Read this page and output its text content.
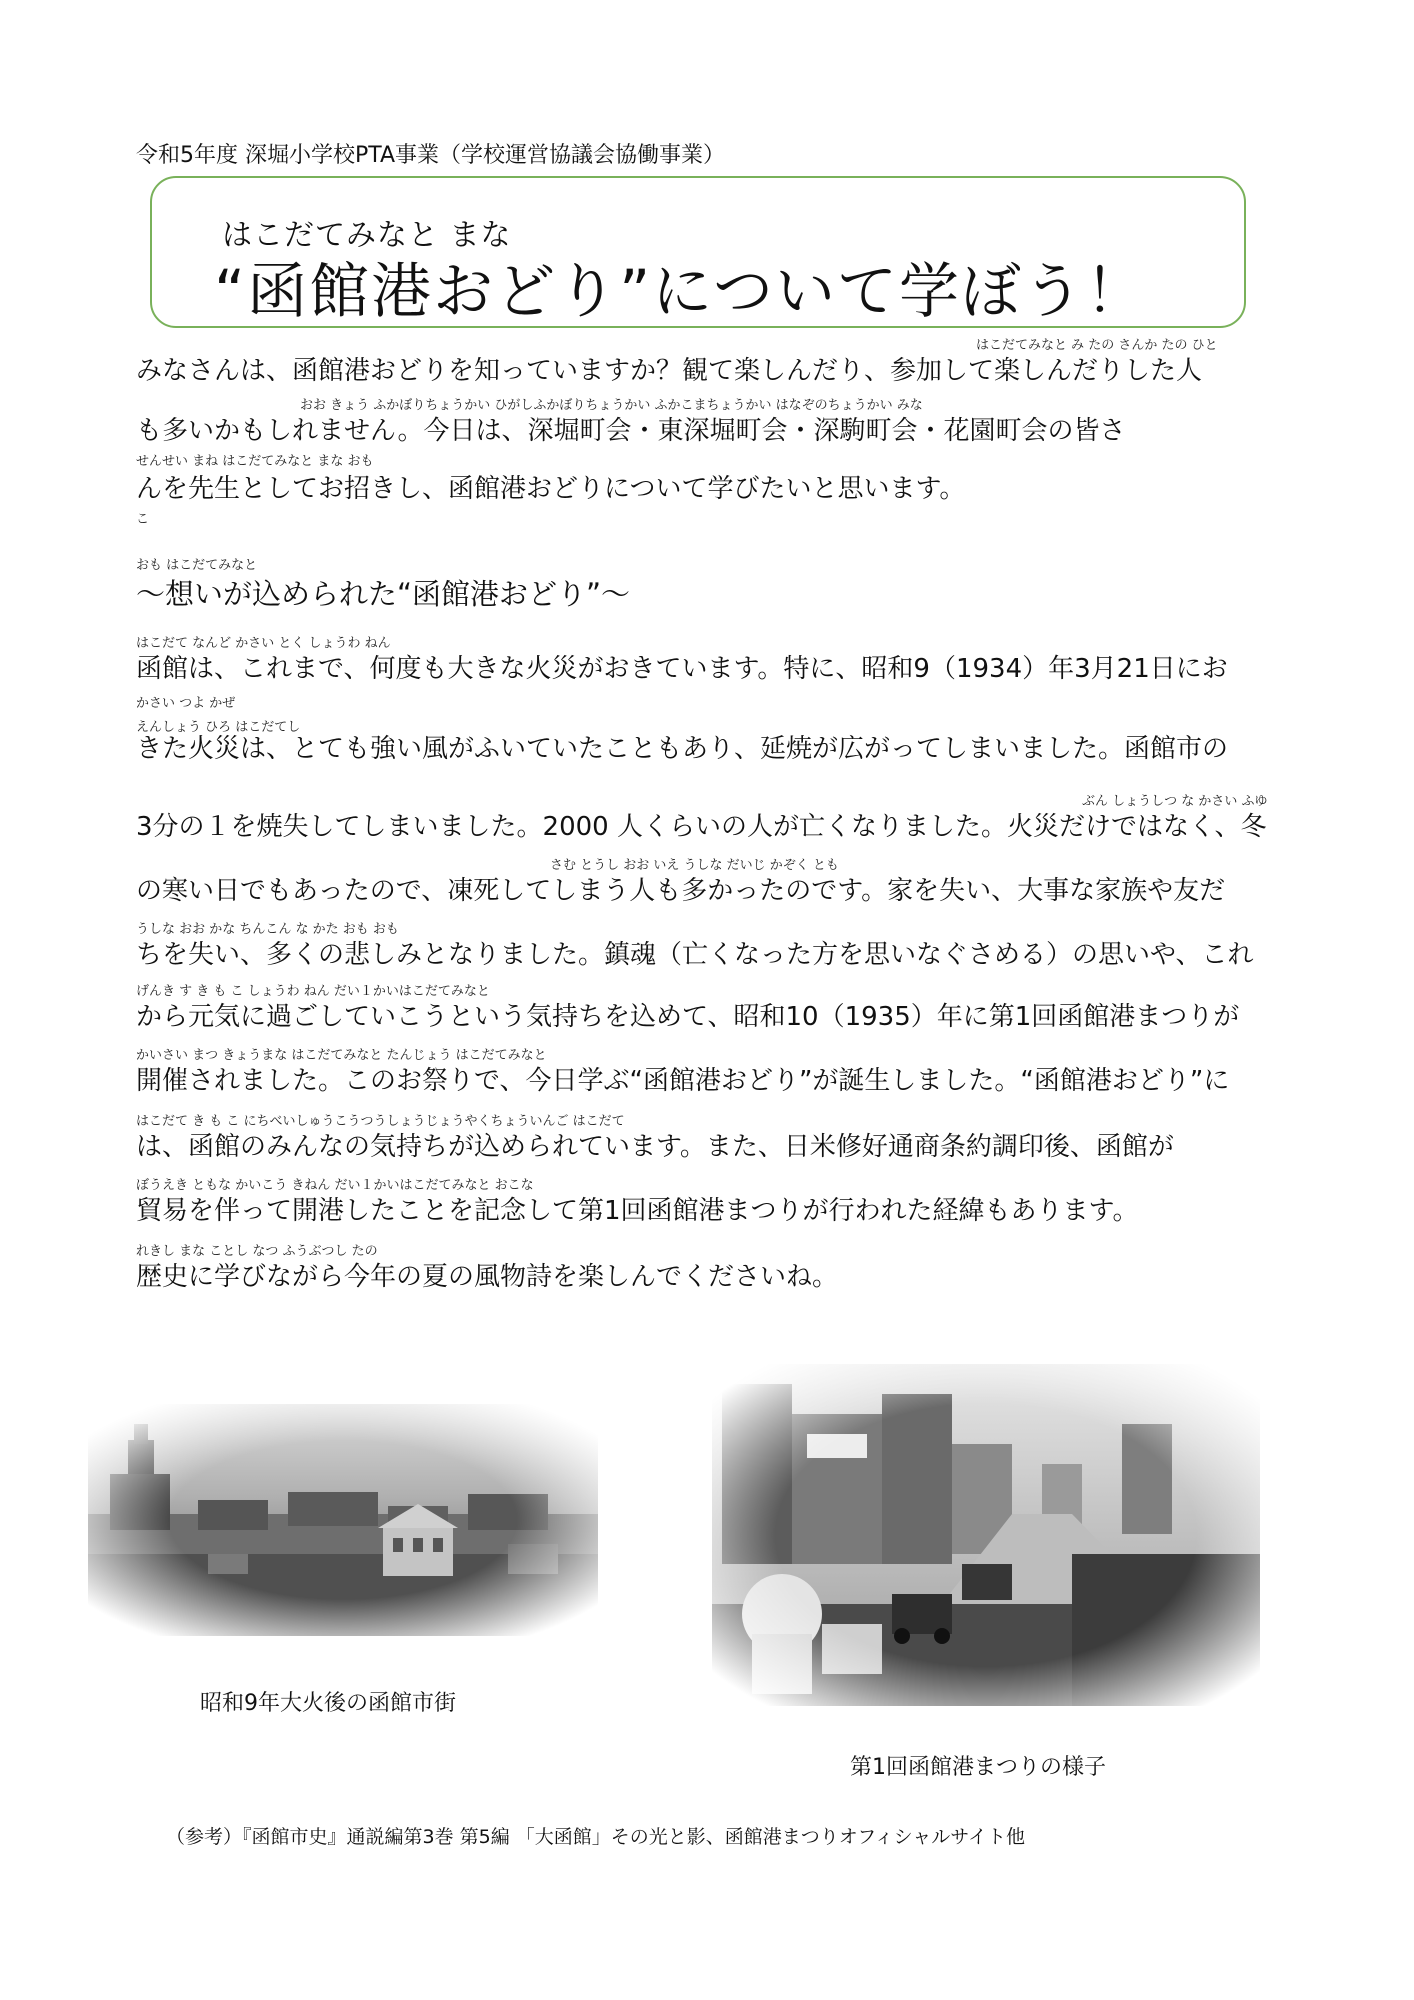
令和5年度 深堀小学校PTA事業（学校運営協議会協働事業）
はこだてみなと まな
“函館港おどり”について学ぼう！
はこだてみなと み たの さんか たの ひと
みなさんは、函館港おどりを知っていますか？観て楽しんだり、参加して楽しんだりした人
おお きょう ふかぼりちょうかい ひがしふかぼりちょうかい ふかこまちょうかい はなぞのちょうかい みな
も多いかもしれません。今日は、深堀町会・東深堀町会・深駒町会・花園町会の皆さ
せんせい まね はこだてみなと まな おも
んを先生としてお招きし、函館港おどりについて学びたいと思います。
こ
おも はこだてみなと
～想いが込められた“函館港おどり”～
はこだて なんど かさい とく しょうわ ねん
函館は、これまで、何度も大きな火災がおきています。特に、昭和9（1934）年3月21日にお
かさい つよ かぜ
えんしょう ひろ はこだてし
きた火災は、とても強い風がふいていたこともあり、延焼が広がってしまいました。函館市の
ぶん しょうしつ な かさい ふゆ
3分の１を焼失してしまいました。2000 人くらいの人が亡くなりました。火災だけではなく、冬
さむ とうし おお いえ うしな だいじ かぞく とも
の寒い日でもあったので、凍死してしまう人も多かったのです。家を失い、大事な家族や友だ
うしな おお かな ちんこん な かた おも おも
ちを失い、多くの悲しみとなりました。鎮魂（亡くなった方を思いなぐさめる）の思いや、これ
げんき す き も こ しょうわ ねん だい１かいはこだてみなと
から元気に過ごしていこうという気持ちを込めて、昭和10（1935）年に第1回函館港まつりが
かいさい まつ きょうまな はこだてみなと たんじょう はこだてみなと
開催されました。このお祭りで、今日学ぶ“函館港おどり”が誕生しました。“函館港おどり”に
はこだて き も こ にちべいしゅうこうつうしょうじょうやくちょういんご はこだて
は、函館のみんなの気持ちが込められています。また、日米修好通商条約調印後、函館が
ぼうえき ともな かいこう きねん だい１かいはこだてみなと おこな
貿易を伴って開港したことを記念して第1回函館港まつりが行われた経緯もあります。
れきし まな ことし なつ ふうぶつし たの
歴史に学びながら今年の夏の風物詩を楽しんでくださいね。
昭和9年大火後の函館市街
第1回函館港まつりの様子
（参考）『函館市史』通説編第3巻 第5編 「大函館」その光と影、函館港まつりオフィシャルサイト他
